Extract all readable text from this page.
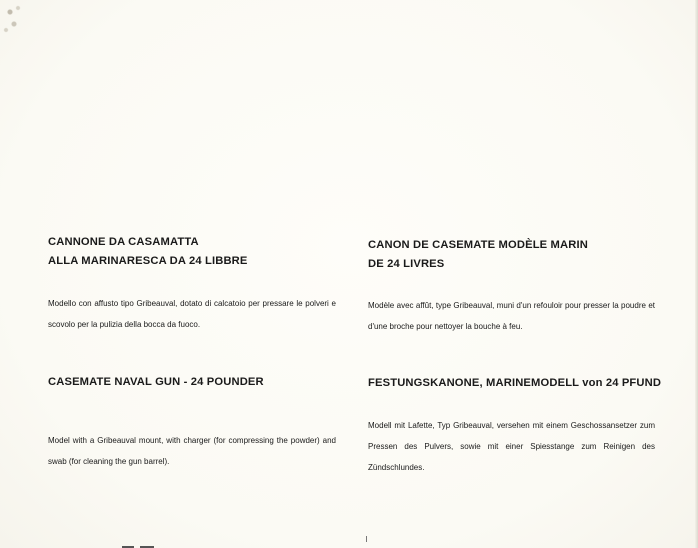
CANNONE DA CASAMATTA
ALLA MARINARESCA DA 24 LIBBRE

Modello con affusto tipo Gribeauval, dotato di calcatoio per pressare le polveri e scovolo per la pulizia della bocca da fuoco.

CASEMATE NAVAL GUN - 24 POUNDER

Model with a Gribeauval mount, with charger (for compressing the powder) and swab (for cleaning the gun barrel).

CANON DE CASEMATE MODÈLE MARIN
DE 24 LIVRES

Modèle avec affût, type Gribeauval, muni d'un refouloir pour presser la poudre et d'une broche pour nettoyer la bouche à feu.

FESTUNGSKANONE, MARINEMODELL von 24 PFUND

Modell mit Lafette, Typ Gribeauval, versehen mit einem Geschossansetzer zum Pressen des Pulvers, sowie mit einer Spiesstange zum Reinigen des Zündschlundes.
